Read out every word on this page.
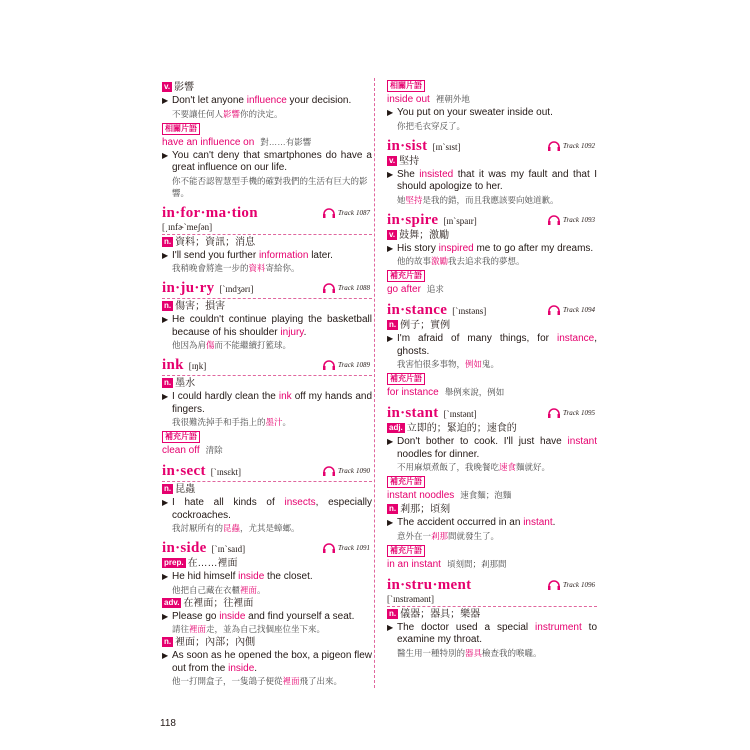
v. 影響
▶ Don't let anyone influence your decision.
不要讓任何人影響你的決定。
相關片語
have an influence on 對……有影響
▶ You can't deny that smartphones do have a great influence on our life.
你不能否認智慧型手機的確對我們的生活有巨大的影響。
in·for·ma·tion	Track 1087
[͵ɪnfɚˋmeʃən]
n. 資料；資訊；消息
▶ I'll send you further information later.
我稍晚會將進一步的資料寄給你。
in·ju·ry [ˋɪndʒərɪ]	Track 1088
n. 傷害；損害
▶ He couldn't continue playing the basketball because of his shoulder injury.
他因為肩傷而不能繼續打籃球。
ink [ɪŋk]	Track 1089
n. 墨水
▶ I could hardly clean the ink off my hands and fingers.
我很難洗掉手和手指上的墨汁。
補充片語
clean off 清除
in·sect [ˋɪnsɛkt]	Track 1090
n. 昆蟲
▶ I hate all kinds of insects, especially cockroaches.
我討厭所有的昆蟲，尤其是蟑螂。
in·side [ˋɪnˋsaɪd]	Track 1091
prep. 在……裡面
▶ He hid himself inside the closet.
他把自己藏在衣櫃裡面。
adv. 在裡面；往裡面
▶ Please go inside and find yourself a seat.
請往裡面走，並為自己找個座位坐下來。
n. 裡面；內部；內側
▶ As soon as he opened the box, a pigeon flew out from the inside.
他一打開盒子，一隻鴿子便從裡面飛了出來。
相關片語
inside out 裡朝外地
▶ You put on your sweater inside out.
你把毛衣穿反了。
in·sist [ɪnˋsɪst]	Track 1092
v. 堅持
▶ She insisted that it was my fault and that I should apologize to her.
她堅持是我的錯，而且我應該要向她道歉。
in·spire [ɪnˋspaɪr]	Track 1093
v. 鼓舞；激勵
▶ His story inspired me to go after my dreams.
他的故事激勵我去追求我的夢想。
補充片語
go after 追求
in·stance [ˋɪnstəns]	Track 1094
n. 例子；實例
▶ I'm afraid of many things, for instance, ghosts.
我害怕很多事物，例如鬼。
補充片語
for instance 舉例來說，例如
in·stant [ˋɪnstənt]	Track 1095
adj. 立即的；緊迫的；速食的
▶ Don't bother to cook. I'll just have instant noodles for dinner.
不用麻煩煮飯了，我晚餐吃速食麵就好。
補充片語
instant noodles 速食麵；泡麵
n. 剎那；頃刻
▶ The accident occurred in an instant.
意外在一剎那間就發生了。
補充片語
in an instant 頃刻間；剎那間
in·stru·ment	Track 1096
[ˋɪnstrəmənt]
n. 儀器；器具；樂器
▶ The doctor used a special instrument to examine my throat.
醫生用一種特別的器具檢查我的喉嚨。
118
